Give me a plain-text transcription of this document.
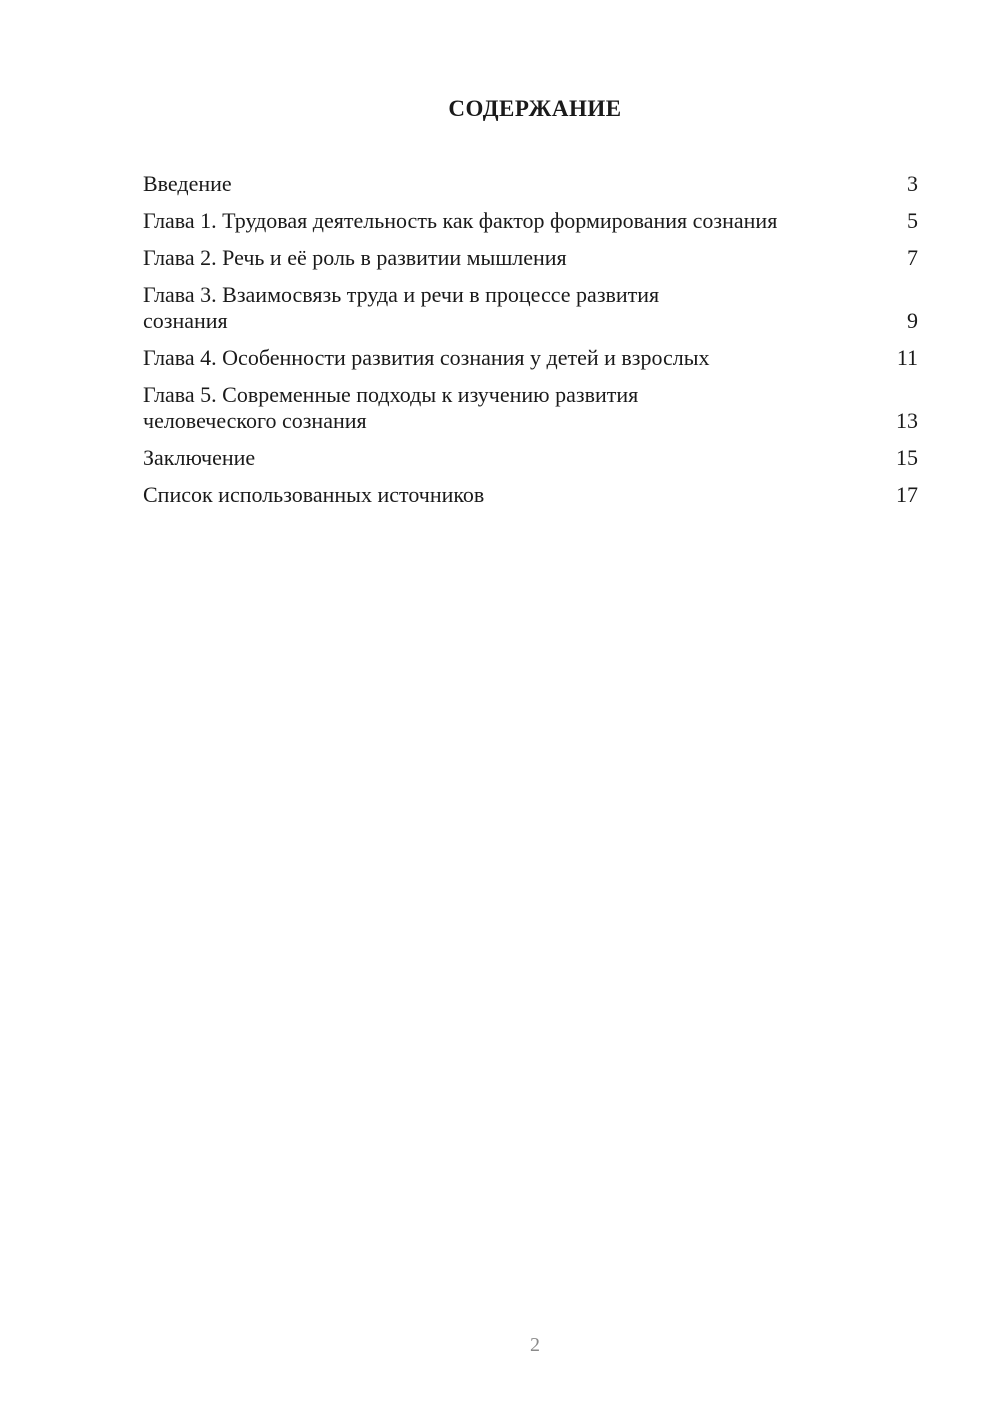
СОДЕРЖАНИЕ
Введение	3
Глава 1. Трудовая деятельность как фактор формирования сознания	5
Глава 2. Речь и её роль в развитии мышления	7
Глава 3. Взаимосвязь труда и речи в процессе развития сознания	9
Глава 4. Особенности развития сознания у детей и взрослых	11
Глава 5. Современные подходы к изучению развития человеческого сознания	13
Заключение	15
Список использованных источников	17
2
